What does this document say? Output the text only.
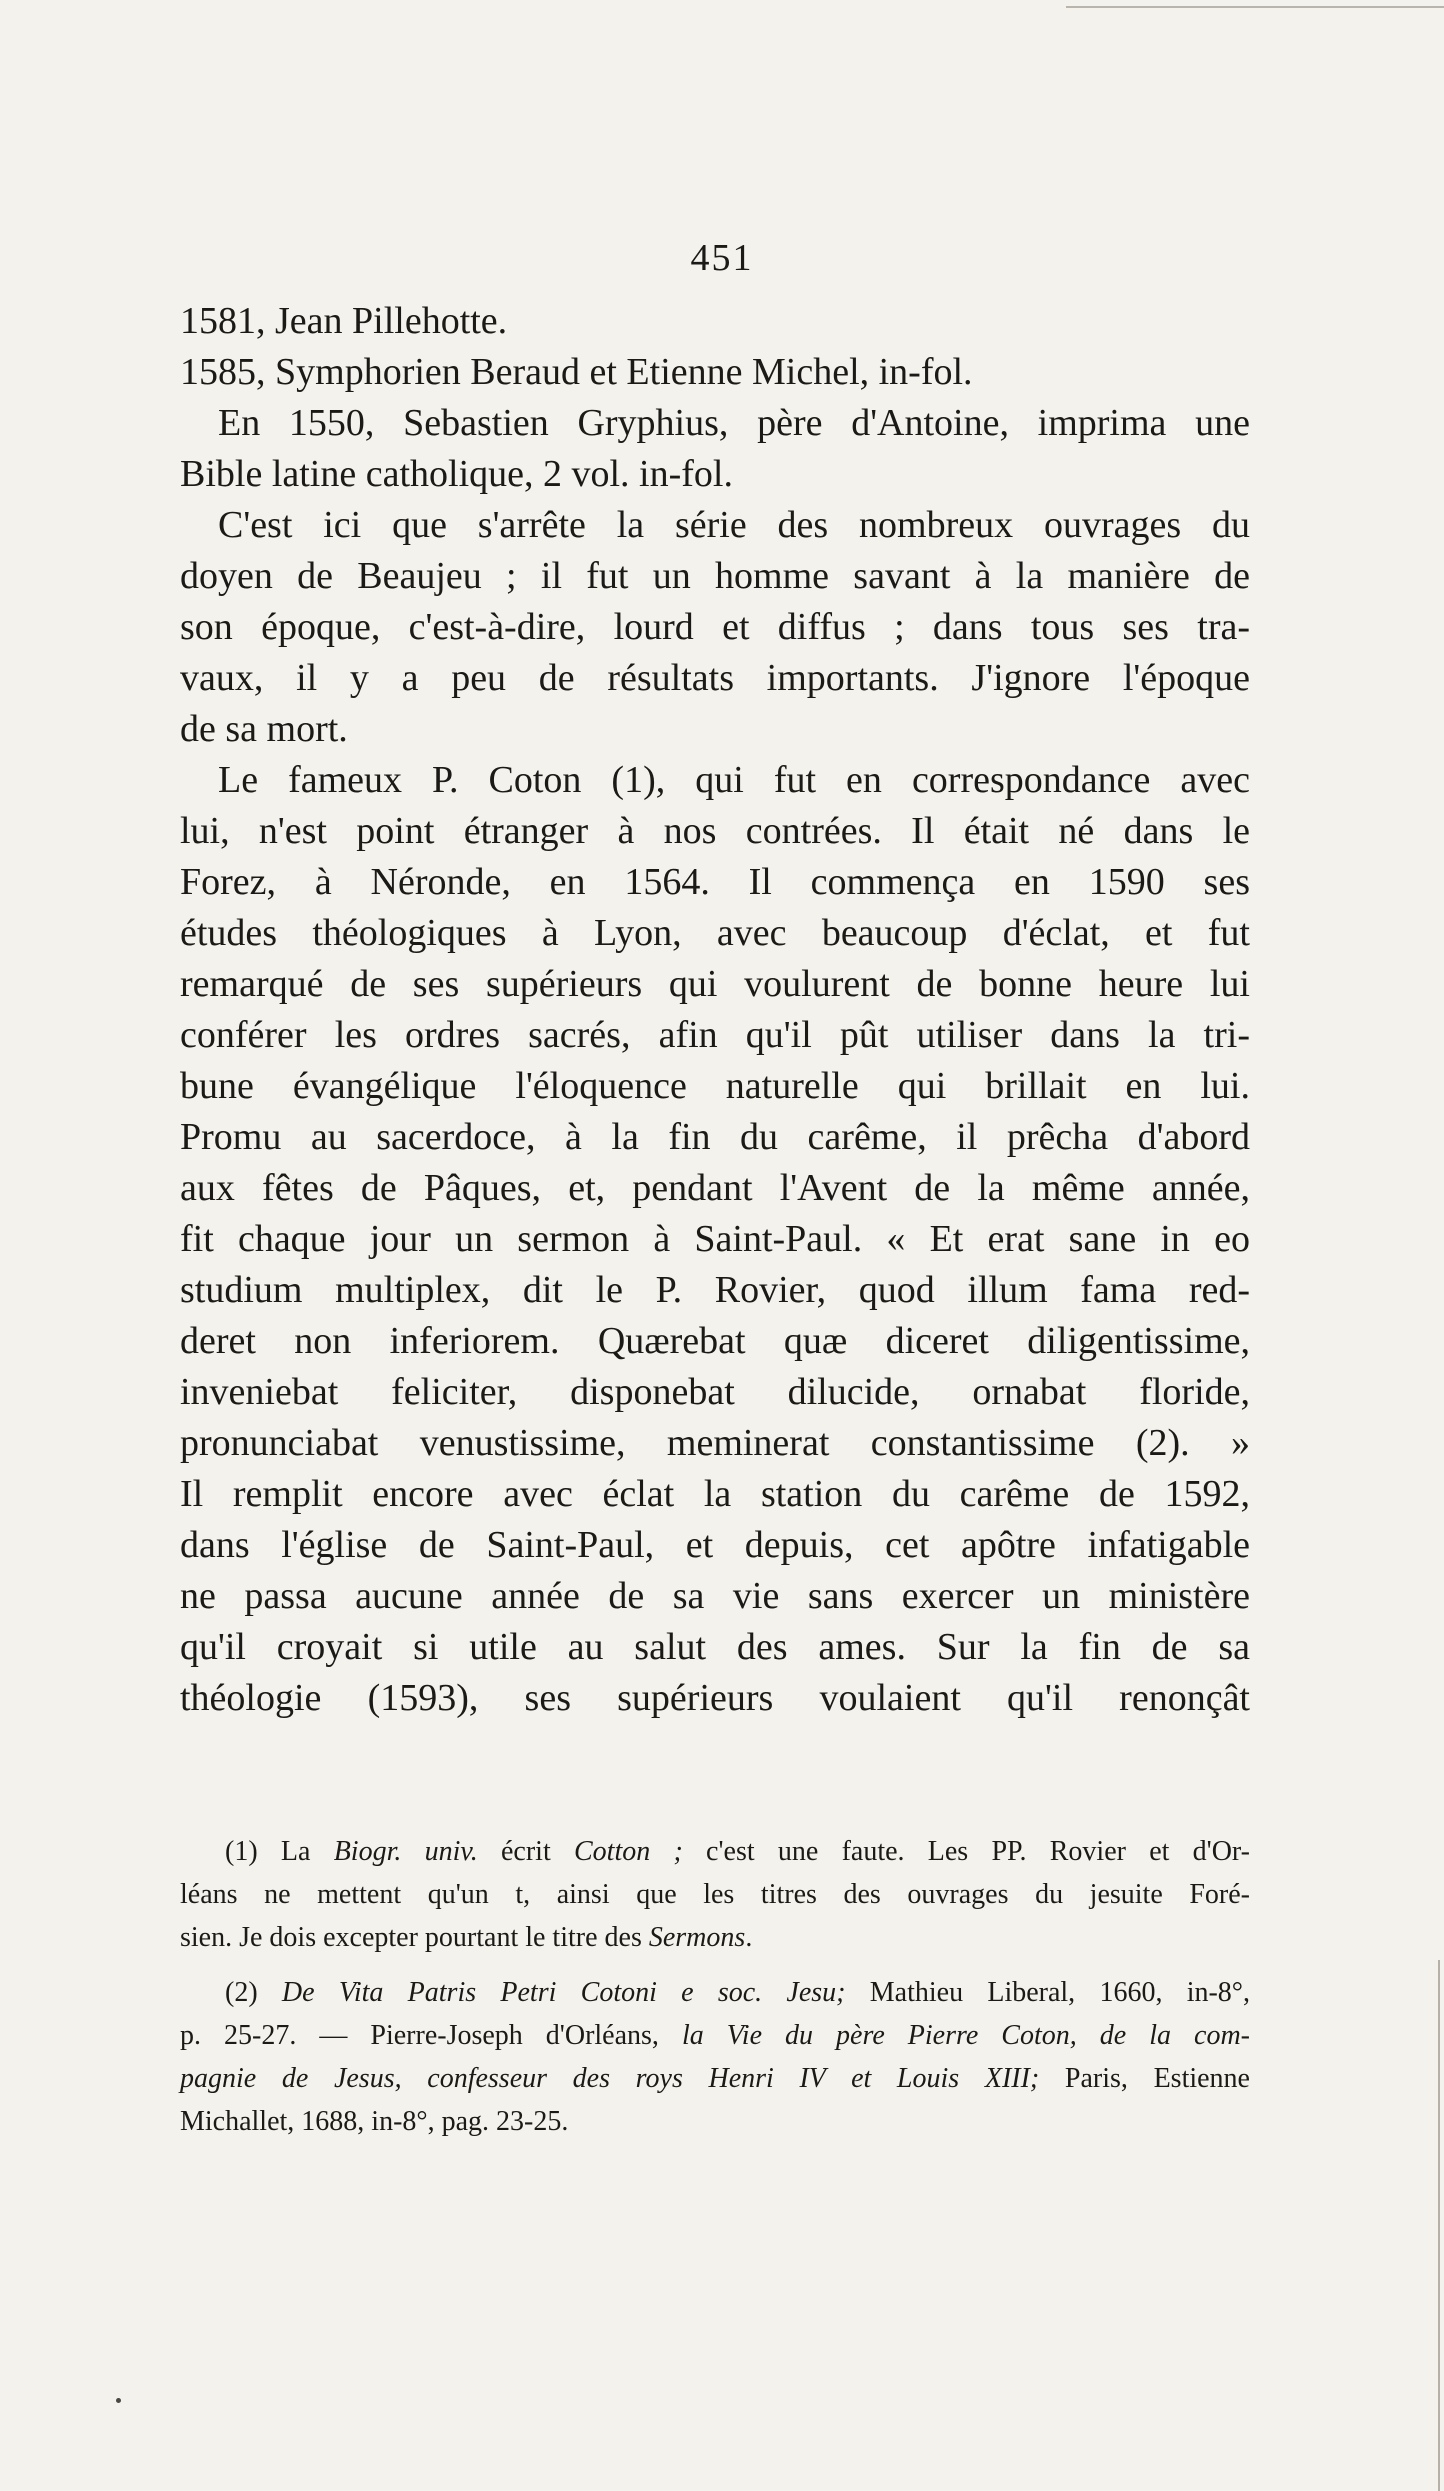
451
1581, Jean Pillehotte.
1585, Symphorien Beraud et Etienne Michel, in-fol.
En 1550, Sebastien Gryphius, père d'Antoine, imprima une
Bible latine catholique, 2 vol. in-fol.
C'est ici que s'arrête la série des nombreux ouvrages du
doyen de Beaujeu ; il fut un homme savant à la manière de
son époque, c'est-à-dire, lourd et diffus ; dans tous ses tra-
vaux, il y a peu de résultats importants. J'ignore l'époque
de sa mort.
Le fameux P. Coton (1), qui fut en correspondance avec
lui, n'est point étranger à nos contrées. Il était né dans le
Forez, à Néronde, en 1564. Il commença en 1590 ses
études théologiques à Lyon, avec beaucoup d'éclat, et fut
remarqué de ses supérieurs qui voulurent de bonne heure lui
conférer les ordres sacrés, afin qu'il pût utiliser dans la tri-
bune évangélique l'éloquence naturelle qui brillait en lui.
Promu au sacerdoce, à la fin du carême, il prêcha d'abord
aux fêtes de Pâques, et, pendant l'Avent de la même année,
fit chaque jour un sermon à Saint-Paul. « Et erat sane in eo
studium multiplex, dit le P. Rovier, quod illum fama red-
deret non inferiorem. Quærebat quæ diceret diligentissime,
inveniebat feliciter, disponebat dilucide, ornabat floride,
pronunciabat venustissime, meminerat constantissime (2). »
Il remplit encore avec éclat la station du carême de 1592,
dans l'église de Saint-Paul, et depuis, cet apôtre infatigable
ne passa aucune année de sa vie sans exercer un ministère
qu'il croyait si utile au salut des ames. Sur la fin de sa
théologie (1593), ses supérieurs voulaient qu'il renonçât
(1) La Biogr. univ. écrit Cotton ; c'est une faute. Les PP. Rovier et d'Or-
léans ne mettent qu'un t, ainsi que les titres des ouvrages du jesuite Foré-
sien. Je dois excepter pourtant le titre des Sermons.
(2) De Vita Patris Petri Cotoni e soc. Jesu; Mathieu Liberal, 1660, in-8°,
p. 25-27. — Pierre-Joseph d'Orléans, la Vie du père Pierre Coton, de la com-
pagnie de Jesus, confesseur des roys Henri IV et Louis XIII; Paris, Estienne
Michallet, 1688, in-8°, pag. 23-25.
